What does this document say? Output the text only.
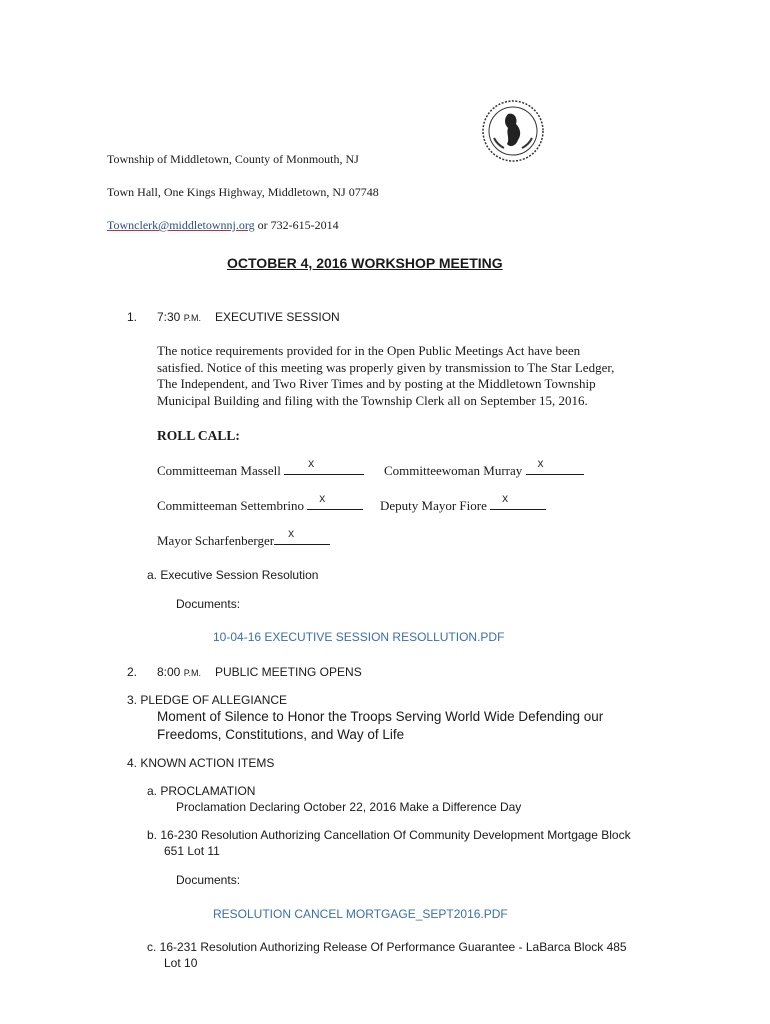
Township of Middletown, County of Monmouth, NJ
Town Hall, One Kings Highway, Middletown, NJ 07748
Townclerk@middletownnj.org or 732-615-2014
OCTOBER 4, 2016 WORKSHOP MEETING
1. 7:30 P.M. EXECUTIVE SESSION
The notice requirements provided for in the Open Public Meetings Act have been
satisfied. Notice of this meeting was properly given by transmission to The Star Ledger,
The Independent, and Two River Times and by posting at the Middletown Township
Municipal Building and filing with the Township Clerk all on September 15, 2016.
ROLL CALL:
Committeeman Massell x	Committeewoman Murray x
Committeeman Settembrino x	Deputy Mayor Fiore x
Mayor Scharfenberger x
a. Executive Session Resolution
Documents:
10-04-16 EXECUTIVE SESSION RESOLLUTION.PDF
2. 8:00 P.M. PUBLIC MEETING OPENS
3. PLEDGE OF ALLEGIANCE
Moment of Silence to Honor the Troops Serving World Wide Defending our
Freedoms, Constitutions, and Way of Life
4. KNOWN ACTION ITEMS
a. PROCLAMATION
Proclamation Declaring October 22, 2016 Make a Difference Day
b. 16-230 Resolution Authorizing Cancellation Of Community Development Mortgage Block
651 Lot 11
Documents:
RESOLUTION CANCEL MORTGAGE_SEPT2016.PDF
c. 16-231 Resolution Authorizing Release Of Performance Guarantee - LaBarca Block 485
Lot 10
